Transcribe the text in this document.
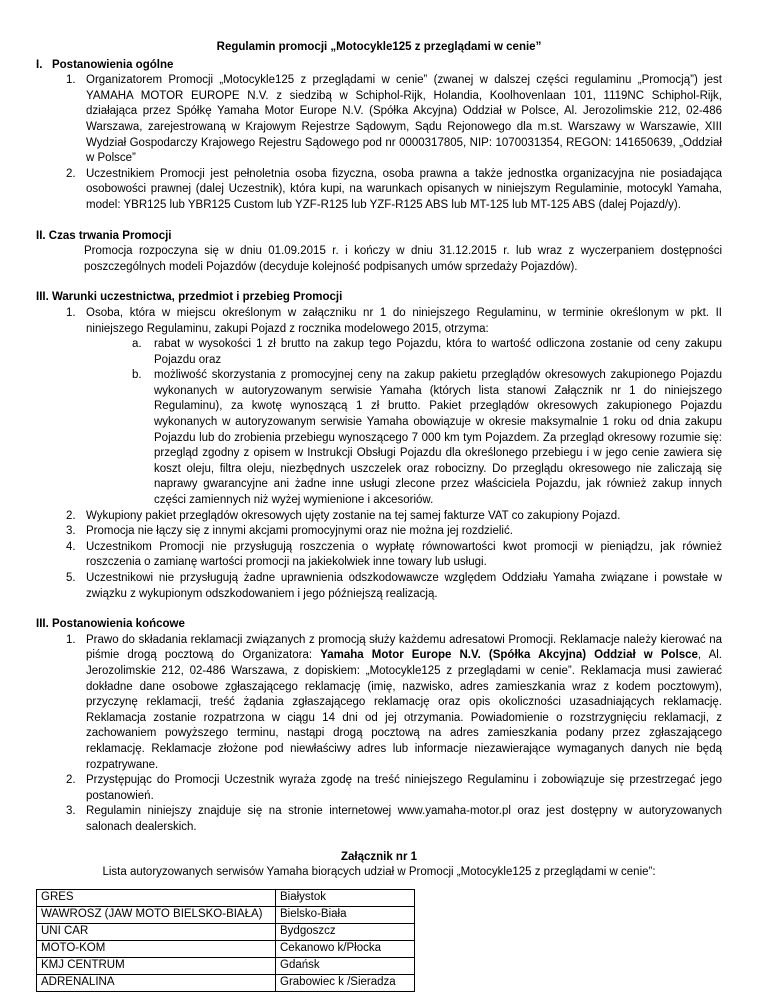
Regulamin promocji „Motocykle125 z przeglądami w cenie”
I.   Postanowienia ogólne
1. Organizatorem Promocji „Motocykle125 z przeglądami w cenie” (zwanej w dalszej części regulaminu „Promocją”) jest YAMAHA MOTOR EUROPE N.V. z siedzibą w Schiphol-Rijk, Holandia, Koolhovenlaan 101, 1119NC Schiphol-Rijk, działająca przez Spółkę Yamaha Motor Europe N.V. (Spółka Akcyjna) Oddział w Polsce, Al. Jerozolimskie 212, 02-486 Warszawa, zarejestrowaną w Krajowym Rejestrze Sądowym, Sądu Rejonowego dla m.st. Warszawy w Warszawie, XIII Wydział Gospodarczy Krajowego Rejestru Sądowego pod nr 0000317805, NIP: 1070031354, REGON: 141650639, „Oddział w Polsce”
2. Uczestnikiem Promocji jest pełnoletnia osoba fizyczna, osoba prawna a także jednostka organizacyjna nie posiadająca osobowości prawnej (dalej Uczestnik), która kupi, na warunkach opisanych w niniejszym Regulaminie, motocykl Yamaha, model: YBR125 lub YBR125 Custom lub YZF-R125 lub YZF-R125 ABS lub MT-125 lub MT-125 ABS (dalej Pojazd/y).
II. Czas trwania Promocji
Promocja rozpoczyna się w dniu 01.09.2015 r. i kończy w dniu 31.12.2015 r. lub wraz z wyczerpaniem dostępności poszczególnych modeli Pojazdów (decyduje kolejność podpisanych umów sprzedaży Pojazdów).
III. Warunki uczestnictwa, przedmiot i przebieg Promocji
1. Osoba, która w miejscu określonym w załączniku nr 1 do niniejszego Regulaminu, w terminie określonym w pkt. II niniejszego Regulaminu, zakupi Pojazd z rocznika modelowego 2015, otrzyma:
a.	rabat w wysokości 1 zł brutto na zakup tego Pojazdu, która to wartość odliczona zostanie od ceny zakupu Pojazdu oraz
b.	możliwość skorzystania z promocyjnej ceny na zakup pakietu przeglądów okresowych zakupionego Pojazdu wykonanych w autoryzowanym serwisie Yamaha (których lista stanowi Załącznik nr 1 do niniejszego Regulaminu), za kwotę wynoszącą 1 zł brutto. Pakiet przeglądów okresowych zakupionego Pojazdu wykonanych w autoryzowanym serwisie Yamaha obowiązuje w okresie maksymalnie 1 roku od dnia zakupu Pojazdu lub do zrobienia przebiegu wynoszącego 7 000 km tym Pojazdem. Za przegląd okresowy rozumie się: przegląd zgodny z opisem w Instrukcji Obsługi Pojazdu dla określonego przebiegu i w jego cenie zawiera się koszt oleju, filtra oleju, niezbędnych uszczelek oraz robocizny. Do przeglądu okresowego nie zaliczają się naprawy gwarancyjne ani żadne inne usługi zlecone przez właściciela Pojazdu, jak również zakup innych części zamiennych niż wyżej wymienione i akcesoriów.
2. Wykupiony pakiet przeglądów okresowych ujęty zostanie na tej samej fakturze VAT co zakupiony Pojazd.
3. Promocja nie łączy się z innymi akcjami promocyjnymi oraz nie można jej rozdzielić.
4. Uczestnikom Promocji nie przysługują roszczenia o wypłatę równowartości kwot promocji w pieniądzu, jak również roszczenia o zamianę wartości promocji na jakiekolwiek inne towary lub usługi.
5. Uczestnikowi nie przysługują żadne uprawnienia odszkodowawcze względem Oddziału Yamaha związane i powstałe w związku z wykupionym odszkodowaniem i jego późniejszą realizacją.
III. Postanowienia końcowe
1. Prawo do składania reklamacji związanych z promocją służy każdemu adresatowi Promocji. Reklamacje należy kierować na piśmie drogą pocztową do Organizatora: Yamaha Motor Europe N.V. (Spółka Akcyjna) Oddział w Polsce, Al. Jerozolimskie 212, 02-486 Warszawa, z dopiskiem: „Motocykle125 z przeglądami w cenie”. Reklamacja musi zawierać dokładne dane osobowe zgłaszającego reklamację (imię, nazwisko, adres zamieszkania wraz z kodem pocztowym), przyczynę reklamacji, treść żądania zgłaszającego reklamację oraz opis okoliczności uzasadniających reklamację. Reklamacja zostanie rozpatrzona w ciągu 14 dni od jej otrzymania. Powiadomienie o rozstrzygnięciu reklamacji, z zachowaniem powyższego terminu, nastąpi drogą pocztową na adres zamieszkania podany przez zgłaszającego reklamację. Reklamacje złożone pod niewłaściwy adres lub informacje niezawierające wymaganych danych nie będą rozpatrywane.
2. Przystępując do Promocji Uczestnik wyraża zgodę na treść niniejszego Regulaminu i zobowiązuje się przestrzegać jego postanowień.
3. Regulamin niniejszy znajduje się na stronie internetowej www.yamaha-motor.pl oraz jest dostępny w autoryzowanych salonach dealerskich.
Załącznik nr 1
Lista autoryzowanych serwisów Yamaha biorących udział w Promocji „Motocykle125 z przeglądami w cenie”:
GRES	Białystok
WAWROSZ (JAW MOTO BIELSKO-BIAŁA)	Bielsko-Biała
UNI CAR	Bydgoszcz
MOTO-KOM	Cekanowo k/Płocka
KMJ CENTRUM	Gdańsk
ADRENALINA	Grabowiec k /Sieradza
